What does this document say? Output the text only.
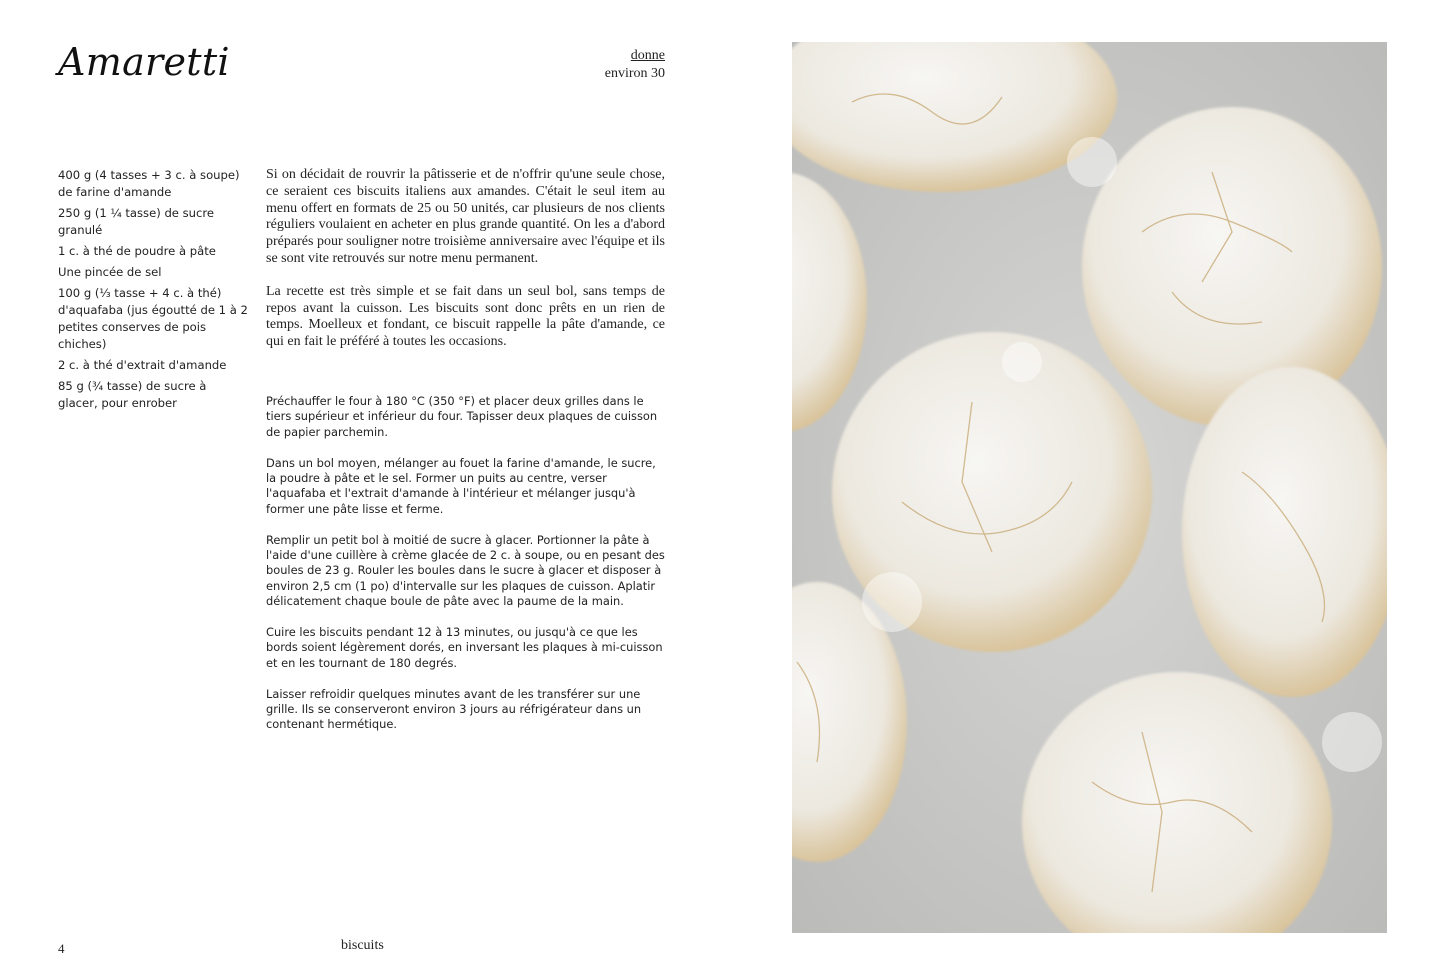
Amaretti	donne
environ 30
400 g (4 tasses + 3 c. à soupe) de farine d'amande
250 g (1 ¼ tasse) de sucre granulé
1 c. à thé de poudre à pâte
Une pincée de sel
100 g (⅓ tasse + 4 c. à thé) d'aquafaba (jus égoutté de 1 à 2 petites conserves de pois chiches)
2 c. à thé d'extrait d'amande
85 g (¾ tasse) de sucre à glacer, pour enrober

Si on décidait de rouvrir la pâtisserie et de n'offrir qu'une seule chose, ce seraient ces biscuits italiens aux amandes. C'était le seul item au menu offert en formats de 25 ou 50 unités, car plusieurs de nos clients réguliers voulaient en acheter en plus grande quantité. On les a d'abord préparés pour souligner notre troisième anniversaire avec l'équipe et ils se sont vite retrouvés sur notre menu permanent.

La recette est très simple et se fait dans un seul bol, sans temps de repos avant la cuisson. Les biscuits sont donc prêts en un rien de temps. Moelleux et fondant, ce biscuit rappelle la pâte d'amande, ce qui en fait le préféré à toutes les occasions.

Préchauffer le four à 180 °C (350 °F) et placer deux grilles dans le tiers supérieur et inférieur du four. Tapisser deux plaques de cuisson de papier parchemin.

Dans un bol moyen, mélanger au fouet la farine d'amande, le sucre, la poudre à pâte et le sel. Former un puits au centre, verser l'aquafaba et l'extrait d'amande à l'intérieur et mélanger jusqu'à former une pâte lisse et ferme.

Remplir un petit bol à moitié de sucre à glacer. Portionner la pâte à l'aide d'une cuillère à crème glacée de 2 c. à soupe, ou en pesant des boules de 23 g. Rouler les boules dans le sucre à glacer et disposer à environ 2,5 cm (1 po) d'intervalle sur les plaques de cuisson. Aplatir délicatement chaque boule de pâte avec la paume de la main.

Cuire les biscuits pendant 12 à 13 minutes, ou jusqu'à ce que les bords soient légèrement dorés, en inversant les plaques à mi-cuisson et en les tournant de 180 degrés.

Laisser refroidir quelques minutes avant de les transférer sur une grille. Ils se conserveront environ 3 jours au réfrigérateur dans un contenant hermétique.

4	biscuits
